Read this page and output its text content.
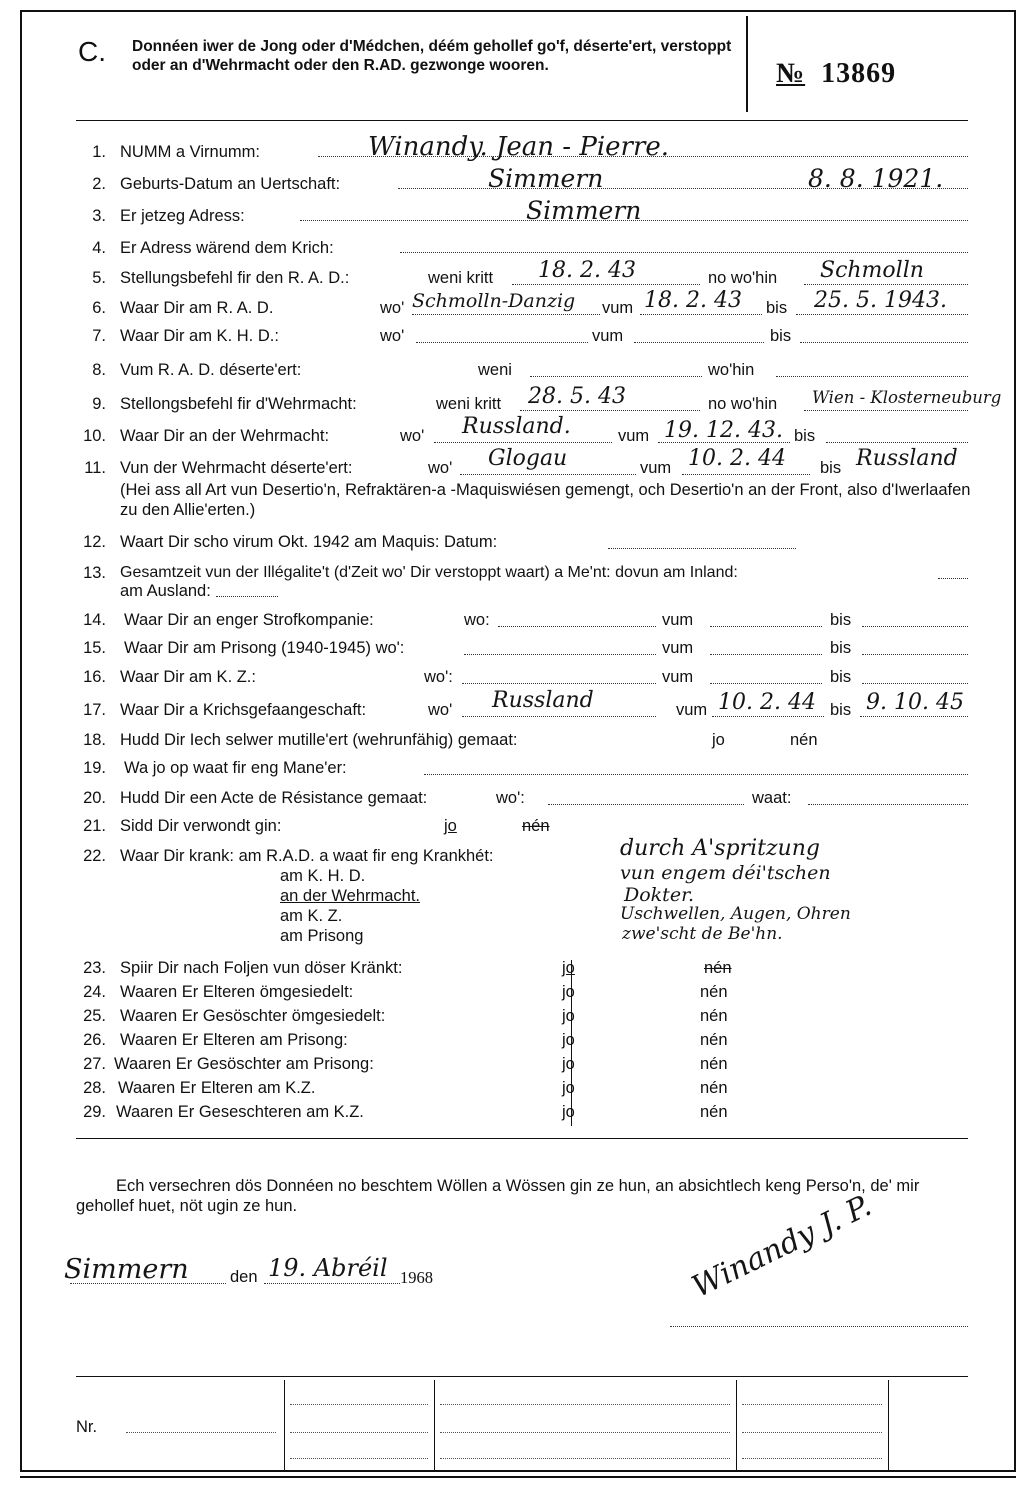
C. Donnéen iwer de Jong oder d'Médchen, déém gehollef go'f, déserte'ert, verstoppt oder an d'Wehrmacht oder den R.AD. gezwonge wooren.	№ 13869
1. NUMM a Virnumm:	Winandy. Jean - Pierre.
2. Geburts-Datum an Uertschaft:	Simmern	8. 8. 1921.
3. Er jetzeg Adress:	Simmern
4. Er Adress wärend dem Krich:
5. Stellungsbefehl fir den R. A. D.:	weni kritt	no wo'hin
18. 2. 43	Schmolln
6. Waar Dir am R. A. D.	wo'	vum	bis
Schmolln-Danzig	18. 2. 43	25. 5. 1943.
7. Waar Dir am K. H. D.:	wo'	vum	bis
8. Vum R. A. D. déserte'ert:	weni	wo'hin
9. Stellongsbefehl fir d'Wehrmacht:	weni kritt	no wo'hin
28. 5. 43	Wien - Klosterneuburg
10. Waar Dir an der Wehrmacht:	wo'	vum	bis
Russland.	19. 12. 43.
11. Vun der Wehrmacht déserte'ert:	wo'	vum	bis
Glogau	10. 2. 44	Russland
(Hei ass all Art vun Desertio'n, Refraktären-a -Maquiswiésen gemengt, och Desertio'n an der Front, also d'Iwerlaafen zu den Allie'erten.)
12. Waart Dir scho virum Okt. 1942 am Maquis: Datum:
13. Gesamtzeit vun der Illégalite't (d'Zeit wo' Dir verstoppt waart) a Me'nt: dovun am Inland:
am Ausland:
14. Waar Dir an enger Strofkompanie:	wo:	vum	bis
15. Waar Dir am Prisong (1940-1945) wo':	vum	bis
16. Waar Dir am K. Z.:	wo':	vum	bis
17. Waar Dir a Krichsgefaangeschaft:	wo'	vum	bis
Russland	10. 2. 44 9. 10. 45
18. Hudd Dir Iech selwer mutille'ert (wehrunfähig) gemaat:	jo	nén
19. Wa jo op waat fir eng Mane'er:
20. Hudd Dir een Acte de Résistance gemaat:	wo':	waat:
21. Sidd Dir verwondt gin:	jo	nén
22. Waar Dir krank: am R.A.D. a waat fir eng Krankhét:
am K. H. D.
an der Wehrmacht.
am K. Z.
am Prisong
durch A'spritzung
vun engem déi'tschen
Dokter.
Uschwellen, Augen, Ohren
zwe'scht de Be'hn.
23. Spiir Dir nach Foljen vun döser Kränkt:	jo	nén
24. Waaren Er Elteren ömgesiedelt:	jo	nén
25. Waaren Er Gesöschter ömgesiedelt:	jo	nén
26. Waaren Er Elteren am Prisong:	jo	nén
27. Waaren Er Gesöschter am Prisong:	jo	nén
28. Waaren Er Elteren am K.Z.	jo	nén
29. Waaren Er Geseschteren am K.Z.	jo	nén
Ech versechren dös Donnéen no beschtem Wöllen a Wössen gin ze hun, an absichtlech keng Perso'n, de' mir gehollef huet, nöt ugin ze hun.
Simmern	den 19. Abréil 1968	Winandy J. P.
Nr.
